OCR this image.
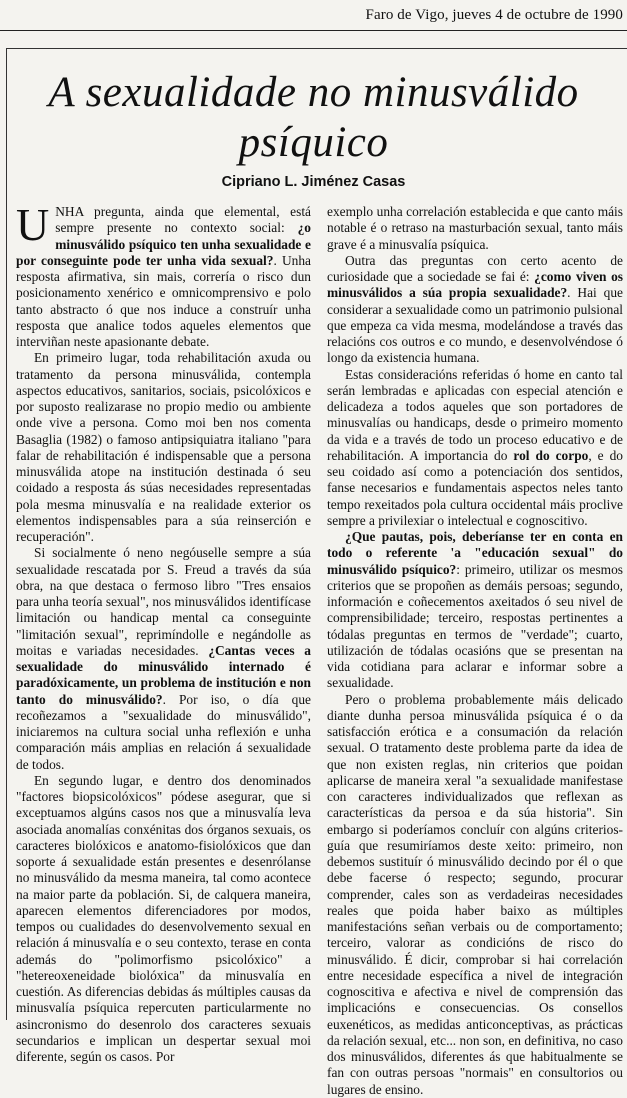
Faro de Vigo, jueves 4 de octubre de 1990
A sexualidade no minusválido
psíquico
Cipriano L. Jiménez Casas

UNHA pregunta, ainda que elemental, está sempre presente no contexto social: ¿o minusválido psíquico ten unha sexualidade e por conseguinte pode ter unha vida sexual?. Unha resposta afirmativa, sin mais, correría o risco dun posicionamento xenérico e omnicomprensivo e polo tanto abstracto ó que nos induce a construír unha resposta que analice todos aqueles elementos que interviñan neste apasionante debate.

En primeiro lugar, toda rehabilitación axuda ou tratamento da persona minusválida, contempla aspectos educativos, sanitarios, sociais, psicolóxicos e por suposto realizarase no propio medio ou ambiente onde vive a persona. Como moi ben nos comenta Basaglia (1982) o famoso antipsiquiatra italiano "para falar de rehabilitación é indispensable que a persona minusválida atope na institución destinada ó seu coidado a resposta ás súas necesidades representadas pola mesma minusvalía e na realidade exterior os elementos indispensables para a súa reinserción e recuperación".

Si socialmente ó neno negóuselle sempre a súa sexualidade rescatada por S. Freud a través da súa obra, na que destaca o fermoso libro "Tres ensaios para unha teoría sexual", nos minusválidos identifícase limitación ou handicap mental ca conseguinte "limitación sexual", reprimíndolle e negándolle as moitas e variadas necesidades. ¿Cantas veces a sexualidade do minusválido internado é paradóxicamente, un problema de institución e non tanto do minusválido?. Por iso, o día que recoñezamos a "sexualidade do minusválido", iniciaremos na cultura social unha reflexión e unha comparación máis amplias en relación á sexualidade de todos.

En segundo lugar, e dentro dos denominados "factores biopsicolóxicos" pódese asegurar, que si exceptuamos algúns casos nos que a minusvalía leva asociada anomalías conxénitas dos órganos sexuais, os caracteres biolóxicos e anatomo-fisiolóxicos que dan soporte á sexualidade están presentes e desenrólanse no minusválido da mesma maneira, tal como acontece na maior parte da población. Si, de calquera maneira, aparecen elementos diferenciadores por modos, tempos ou cualidades do desenvolvemento sexual en relación á minusvalía e o seu contexto, terase en conta además do "polimorfismo psicolóxico" a "hetereoxeneidade biolóxica" da minusvalía en cuestión. As diferencias debidas ás múltiples causas da minusvalía psíquica repercuten particularmente no asincronismo do desenrolo dos caracteres sexuais secundarios e implican un despertar sexual moi diferente, según os casos. Por

exemplo unha correlación establecida e que canto máis notable é o retraso na masturbación sexual, tanto máis grave é a minusvalía psíquica.

Outra das preguntas con certo acento de curiosidade que a sociedade se fai é: ¿como viven os minusválidos a súa propia sexualidade?. Hai que considerar a sexualidade como un patrimonio pulsional que empeza ca vida mesma, modelándose a través das relacións cos outros e co mundo, e desenvolvéndose ó longo da existencia humana.

Estas consideracións referidas ó home en canto tal serán lembradas e aplicadas con especial atención e delicadeza a todos aqueles que son portadores de minusvalías ou handicaps, desde o primeiro momento da vida e a través de todo un proceso educativo e de rehabilitación. A importancia do rol do corpo, e do seu coidado así como a potenciación dos sentidos, fanse necesarios e fundamentais aspectos neles tanto tempo rexeitados pola cultura occidental máis proclive sempre a privilexiar o intelectual e cognoscitivo.

¿Que pautas, pois, deberíanse ter en conta en todo o referente 'a "educación sexual" do minusválido psíquico?: primeiro, utilizar os mesmos criterios que se propoñen as demáis persoas; segundo, información e coñecementos axeitados ó seu nivel de comprensibilidade; terceiro, respostas pertinentes a tódalas preguntas en termos de "verdade"; cuarto, utilización de tódalas ocasións que se presentan na vida cotidiana para aclarar e informar sobre a sexualidade.

Pero o problema probablemente máis delicado diante dunha persoa minusválida psíquica é o da satisfacción erótica e a consumación da relación sexual. O tratamento deste problema parte da idea de que non existen reglas, nin criterios que poidan aplicarse de maneira xeral "a sexualidade manifestase con caracteres individualizados que reflexan as características da persoa e da súa historia". Sin embargo si poderíamos concluír con algúns criterios-guía que resumiríamos deste xeito: primeiro, non debemos sustituír ó minusválido decindo por él o que debe facerse ó respecto; segundo, procurar comprender, cales son as verdadeiras necesidades reales que poida haber baixo as múltiples manifestacións señan verbais ou de comportamento; terceiro, valorar as condicións de risco do minusválido. É dicir, comprobar si hai correlación entre necesidade específica a nivel de integración cognoscitiva e afectiva e nivel de comprensión das implicacións e consecuencias. Os consellos euxenéticos, as medidas anticonceptivas, as prácticas da relación sexual, etc... non son, en definitiva, no caso dos minusválidos, diferentes ás que habitualmente se fan con outras persoas "normais" en consultorios ou lugares de ensino.
